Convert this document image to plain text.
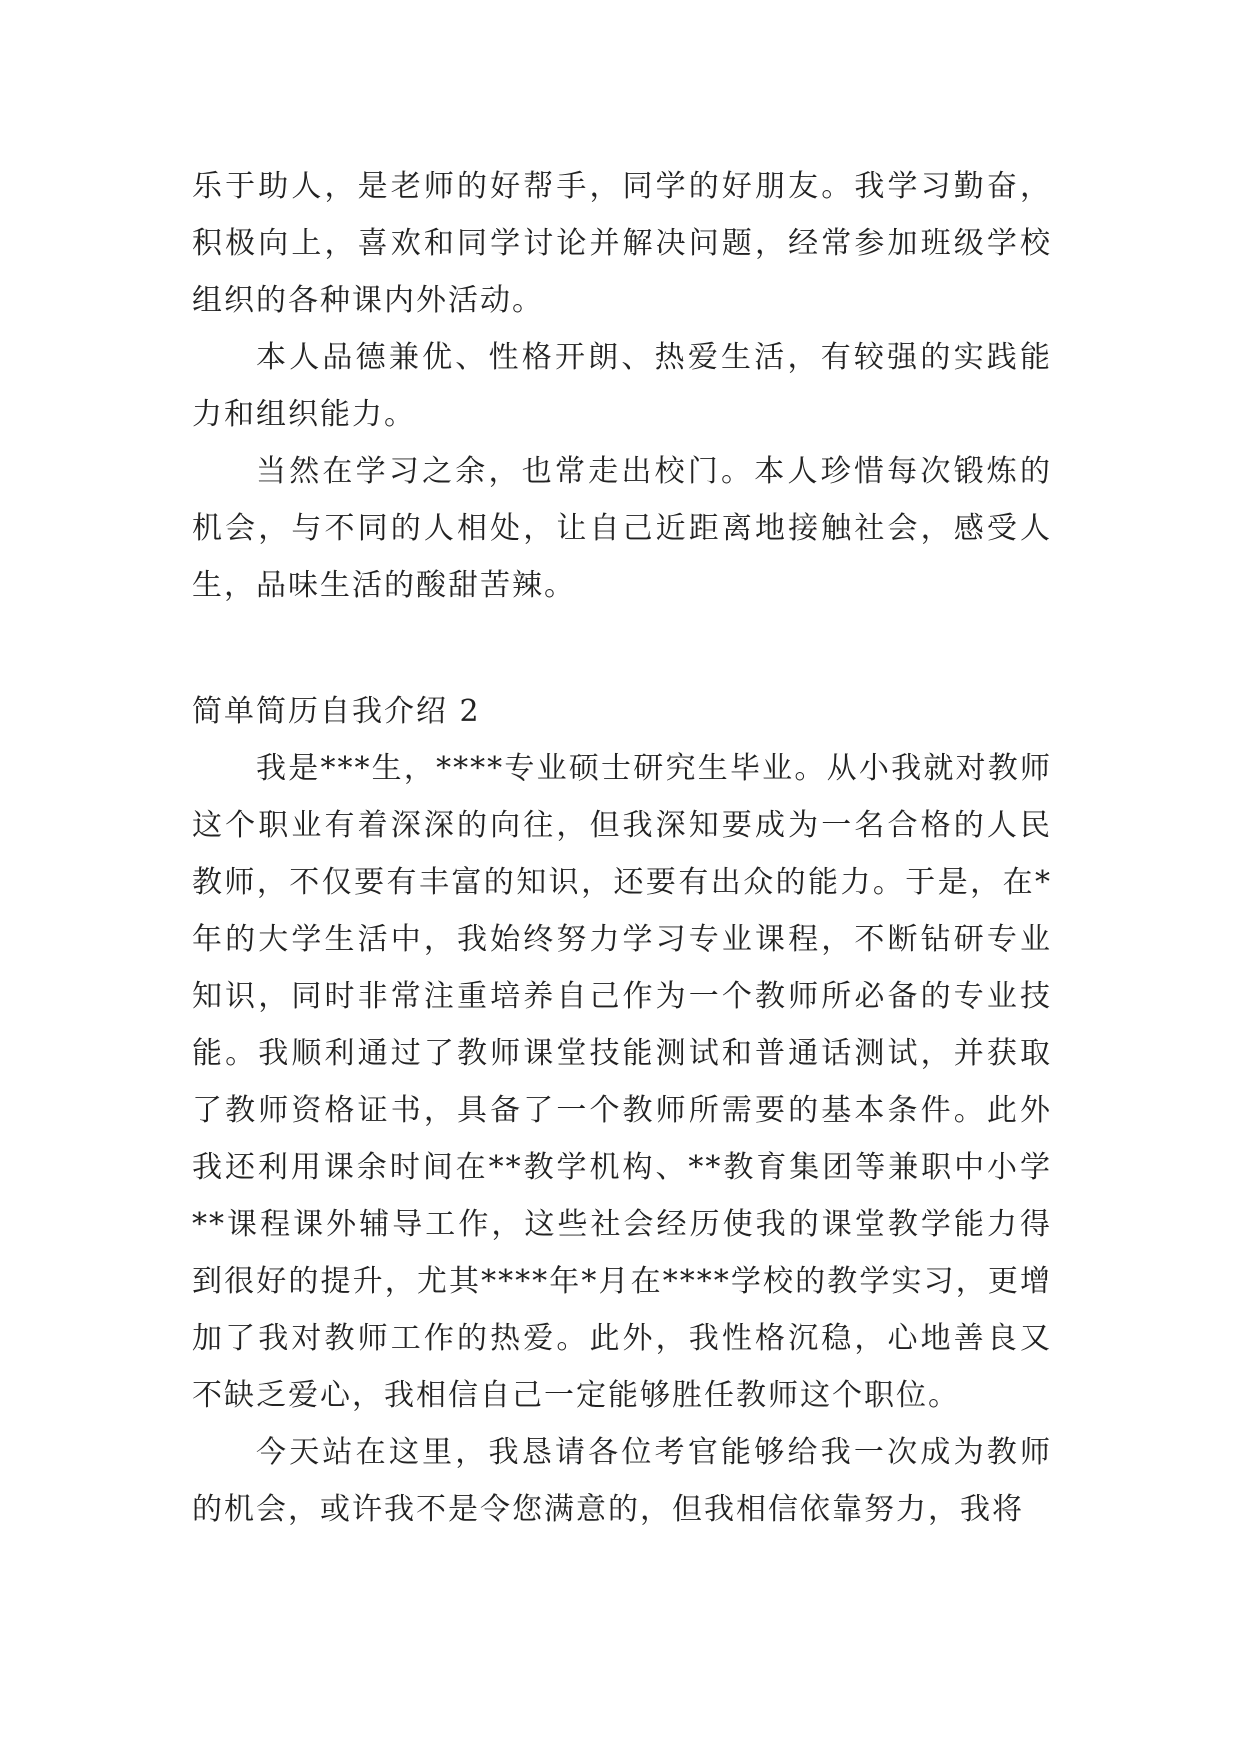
乐于助人，是老师的好帮手，同学的好朋友。我学习勤奋，积极向上，喜欢和同学讨论并解决问题，经常参加班级学校组织的各种课内外活动。

本人品德兼优、性格开朗、热爱生活，有较强的实践能力和组织能力。

当然在学习之余，也常走出校门。本人珍惜每次锻炼的机会，与不同的人相处，让自己近距离地接触社会，感受人生，品味生活的酸甜苦辣。

简单简历自我介绍 2

我是***生，****专业硕士研究生毕业。从小我就对教师这个职业有着深深的向往，但我深知要成为一名合格的人民教师，不仅要有丰富的知识，还要有出众的能力。于是，在*年的大学生活中，我始终努力学习专业课程，不断钻研专业知识，同时非常注重培养自己作为一个教师所必备的专业技能。我顺利通过了教师课堂技能测试和普通话测试，并获取了教师资格证书，具备了一个教师所需要的基本条件。此外我还利用课余时间在**教学机构、**教育集团等兼职中小学**课程课外辅导工作，这些社会经历使我的课堂教学能力得到很好的提升，尤其****年*月在****学校的教学实习，更增加了我对教师工作的热爱。此外，我性格沉稳，心地善良又不缺乏爱心，我相信自己一定能够胜任教师这个职位。

今天站在这里，我恳请各位考官能够给我一次成为教师的机会，或许我不是令您满意的，但我相信依靠努力，我将
